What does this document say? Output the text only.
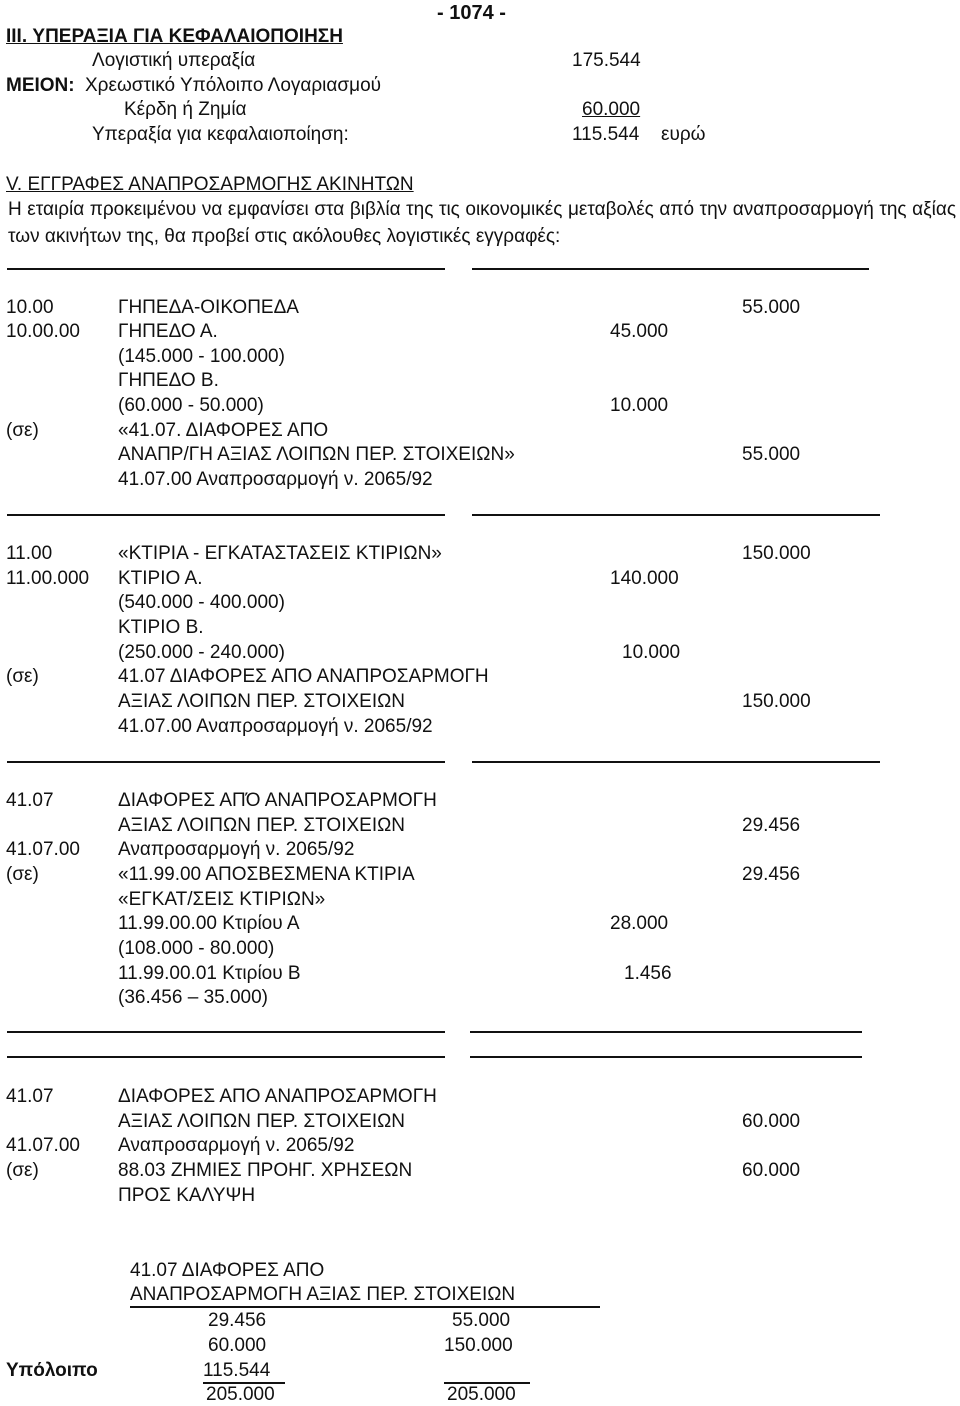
- 1074 -
III. ΥΠΕΡΑΞΙΑ ΓΙΑ ΚΕΦΑΛΑΙΟΠΟΙΗΣΗ
Λογιστική υπεραξία	175.544
ΜΕΙΟΝ: Χρεωστικό Υπόλοιπο Λογαριασμού
Κέρδη ή Ζημία	60.000
Υπεραξία για κεφαλαιοποίηση:	115.544 ευρώ
V. ΕΓΓΡΑΦΕΣ ΑΝΑΠΡΟΣΑΡΜΟΓΗΣ ΑΚΙΝΗΤΩΝ
Η εταιρία προκειμένου να εμφανίσει στα βιβλία της τις οικονομικές μεταβολές από την αναπροσαρμογή της αξίας των ακινήτων της, θα προβεί στις ακόλουθες λογιστικές εγγραφές:
10.00	ΓΗΠΕΔΑ-ΟΙΚΟΠΕΔΑ	55.000
10.00.00 ΓΗΠΕΔΟ Α.	45.000
(145.000 - 100.000)
ΓΗΠΕΔΟ Β.
(60.000 - 50.000)	10.000
(σε)	«41.07. ΔΙΑΦΟΡΕΣ ΑΠΟ
ΑΝΑΠΡ/ΓΗ ΑΞΙΑΣ ΛΟΙΠΩΝ ΠΕΡ. ΣΤΟΙΧΕΙΩΝ»	55.000
41.07.00 Αναπροσαρμογή ν. 2065/92
11.00	«ΚΤΙΡΙΑ - ΕΓΚΑΤΑΣΤΑΣΕΙΣ ΚΤΙΡΙΩΝ»	150.000
11.00.000 ΚΤΙΡΙΟ Α.	140.000
(540.000 - 400.000)
ΚΤΙΡΙΟ Β.
(250.000 - 240.000)	10.000
(σε)	41.07 ΔΙΑΦΟΡΕΣ ΑΠΟ ΑΝΑΠΡΟΣΑΡΜΟΓΗ
ΑΞΙΑΣ ΛΟΙΠΩΝ ΠΕΡ. ΣΤΟΙΧΕΙΩΝ	150.000
41.07.00 Αναπροσαρμογή ν. 2065/92
41.07	ΔΙΑΦΟΡΕΣ ΑΠΌ ΑΝΑΠΡΟΣΑΡΜΟΓΗ
ΑΞΙΑΣ ΛΟΙΠΩΝ ΠΕΡ. ΣΤΟΙΧΕΙΩΝ	29.456
41.07.00 Αναπροσαρμογή ν. 2065/92
(σε)	«11.99.00 ΑΠΟΣΒΕΣΜΕΝΑ ΚΤΙΡΙΑ	29.456
«ΕΓΚΑΤ/ΣΕΙΣ ΚΤΙΡΙΩΝ»
11.99.00.00 Κτιρίου Α	28.000
(108.000 - 80.000)
11.99.00.01 Κτιρίου Β	1.456
(36.456 – 35.000)
41.07	ΔΙΑΦΟΡΕΣ ΑΠΟ ΑΝΑΠΡΟΣΑΡΜΟΓΗ
ΑΞΙΑΣ ΛΟΙΠΩΝ ΠΕΡ. ΣΤΟΙΧΕΙΩΝ	60.000
41.07.00 Αναπροσαρμογή ν. 2065/92
(σε)	88.03 ΖΗΜΙΕΣ ΠΡΟΗΓ. ΧΡΗΣΕΩΝ	60.000
ΠΡΟΣ ΚΑΛΥΨΗ
41.07 ΔΙΑΦΟΡΕΣ ΑΠΟ
ΑΝΑΠΡΟΣΑΡΜΟΓΗ ΑΞΙΑΣ ΠΕΡ. ΣΤΟΙΧΕΙΩΝ
29.456	55.000
60.000	150.000
Υπόλοιπο	115.544
205.000	205.000
